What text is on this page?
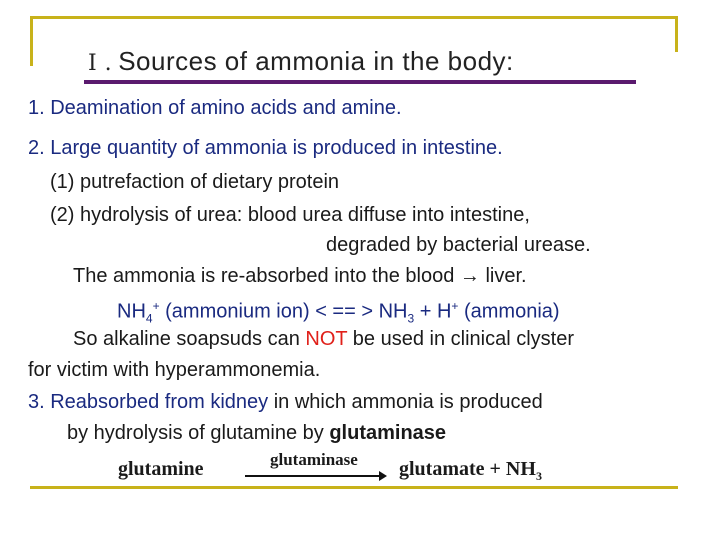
I . Sources of ammonia in the body:
1. Deamination of amino acids and amine.
2. Large quantity of ammonia is produced in intestine.
(1) putrefaction of dietary protein
(2) hydrolysis of urea: blood urea diffuse into intestine,
degraded by bacterial urease.
The ammonia is re-absorbed into the blood → liver.
$NH_4^+$ (ammonium ion) < == > $NH_3 + H^+$ (ammonia)
So alkaline soapsuds can NOT be used in clinical clyster
for victim with hyperammonemia.
3. Reabsorbed from kidney in which ammonia is produced
by hydrolysis of glutamine by glutaminase
glutamine	glutaminase glutamate + $NH_3$
